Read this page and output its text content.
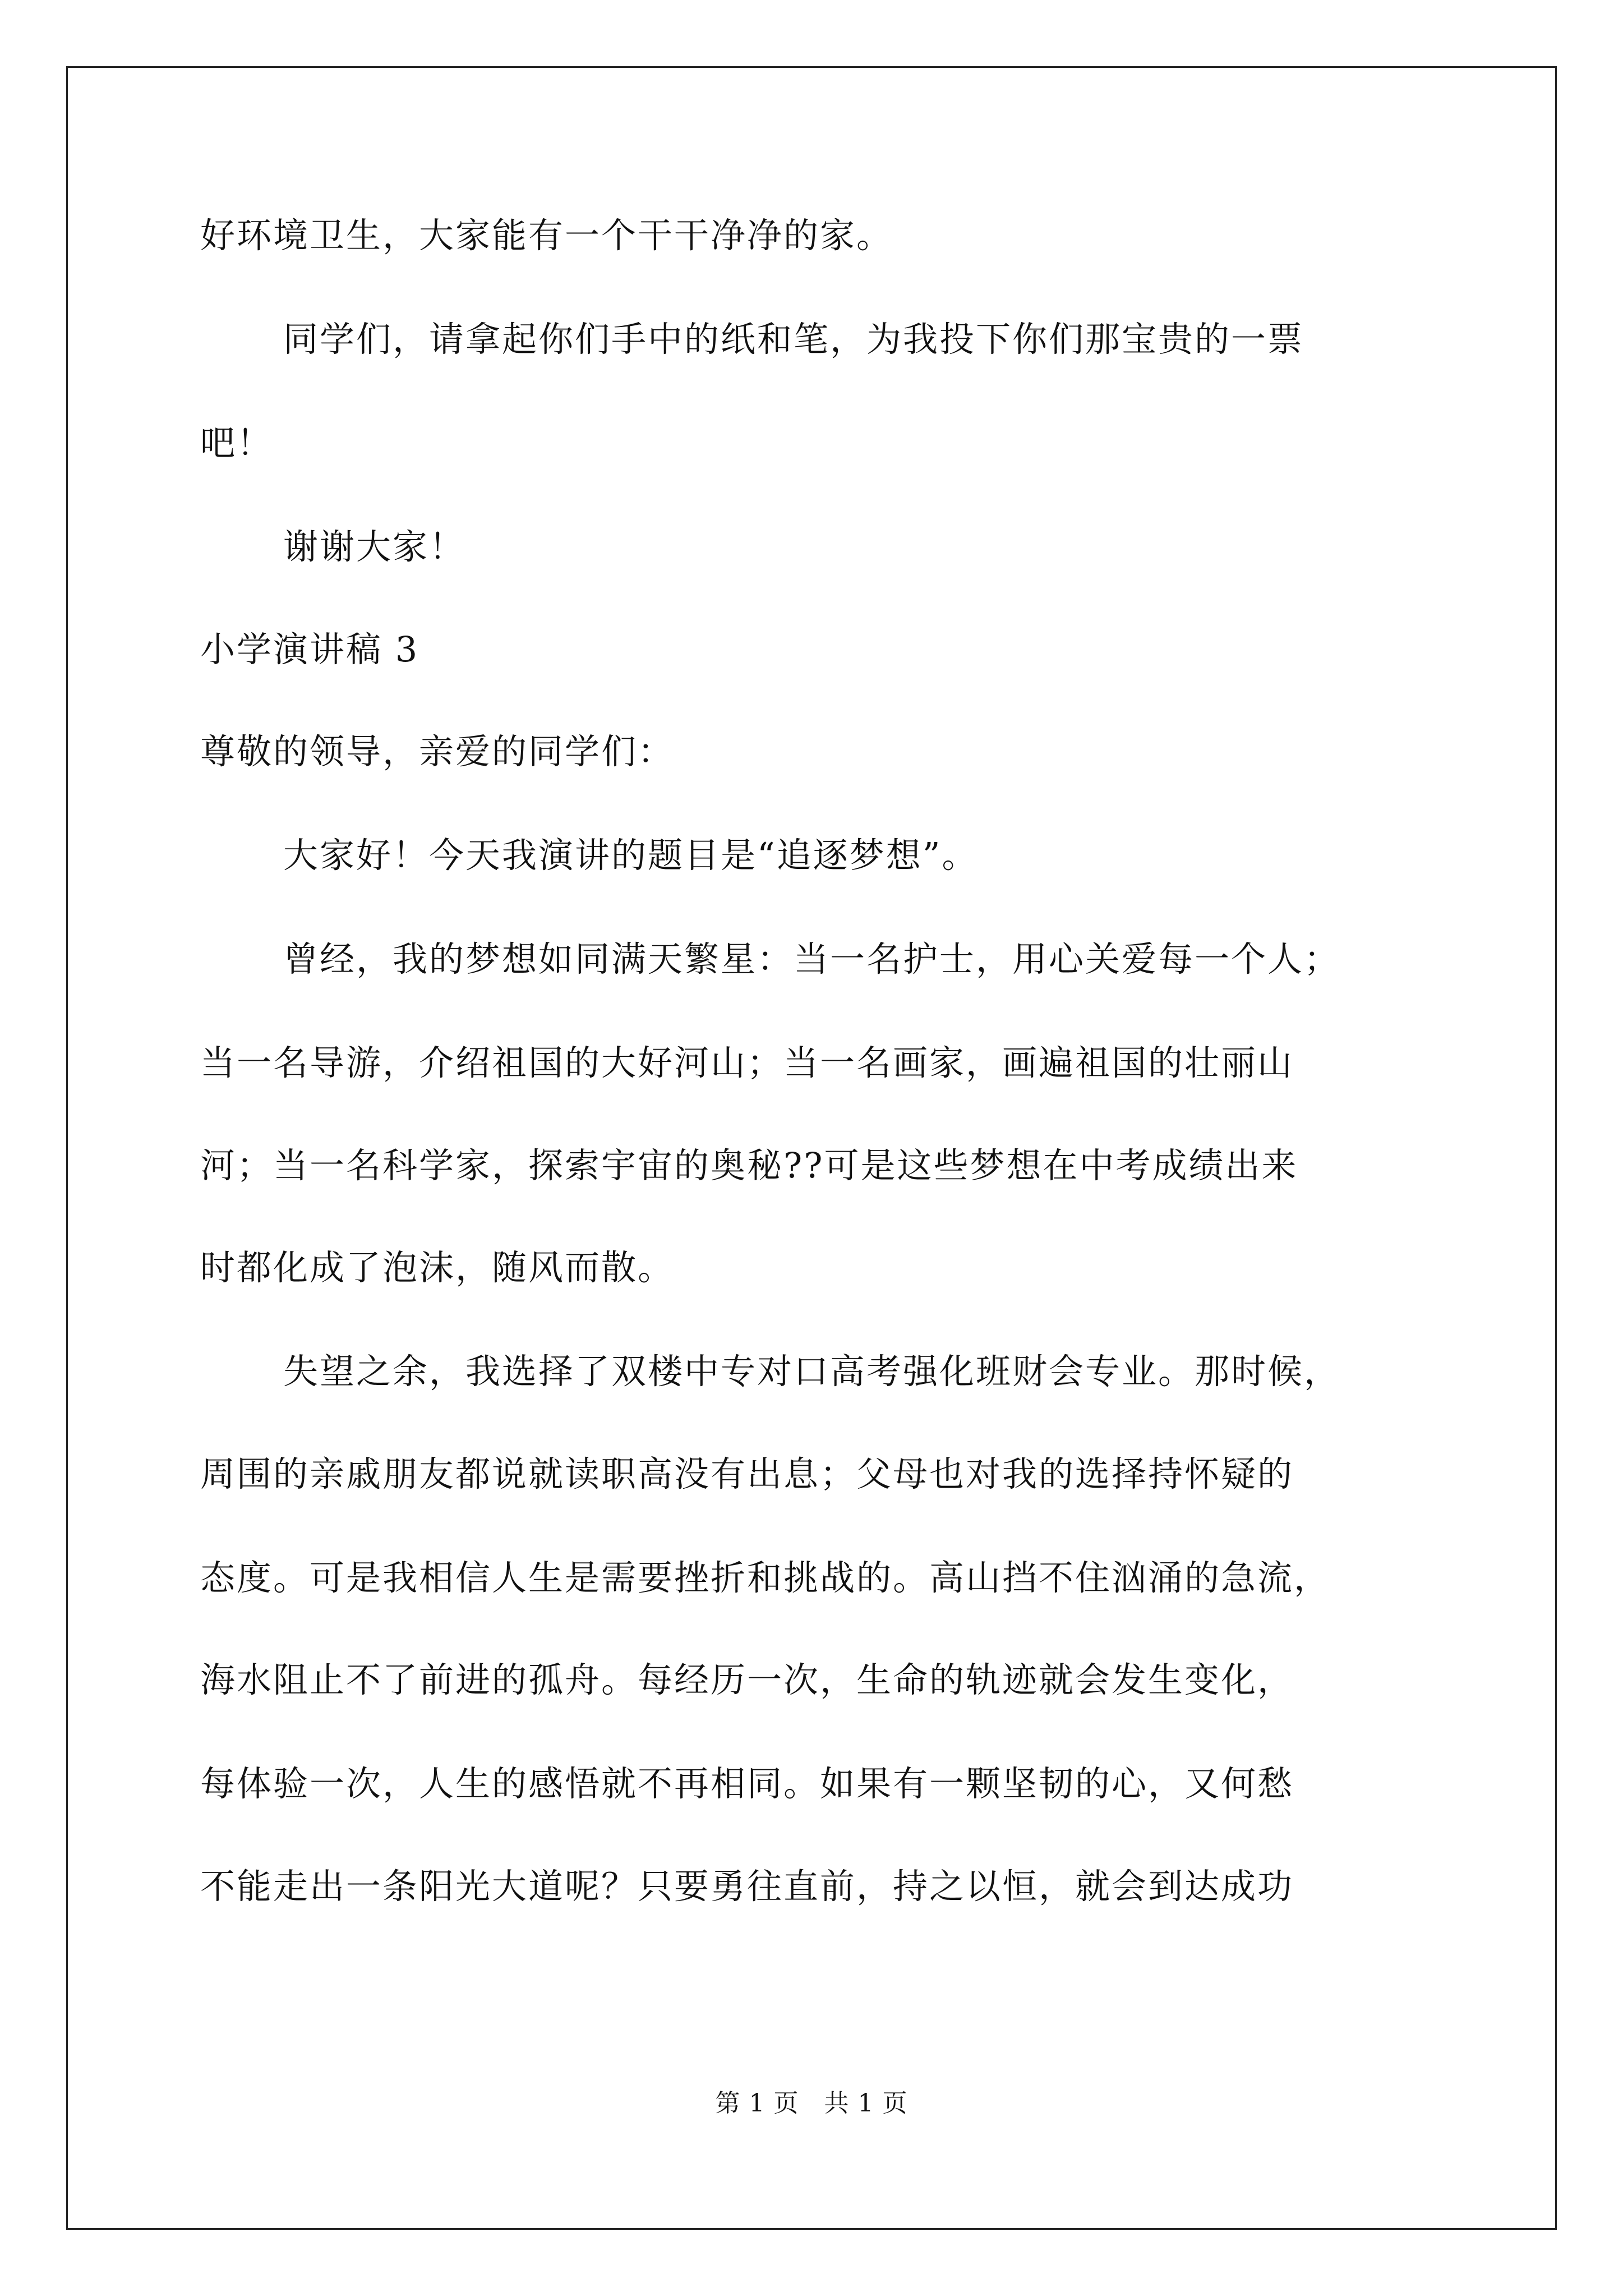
好环境卫生，大家能有一个干干净净的家。
同学们，请拿起你们手中的纸和笔，为我投下你们那宝贵的一票
吧！
谢谢大家！
小学演讲稿 3
尊敬的领导，亲爱的同学们：
大家好！今天我演讲的题目是“追逐梦想”。
曾经，我的梦想如同满天繁星：当一名护士，用心关爱每一个人；
当一名导游，介绍祖国的大好河山；当一名画家，画遍祖国的壮丽山
河；当一名科学家，探索宇宙的奥秘??可是这些梦想在中考成绩出来
时都化成了泡沫，随风而散。
失望之余，我选择了双楼中专对口高考强化班财会专业。那时候，
周围的亲戚朋友都说就读职高没有出息；父母也对我的选择持怀疑的
态度。可是我相信人生是需要挫折和挑战的。高山挡不住汹涌的急流，
海水阻止不了前进的孤舟。每经历一次，生命的轨迹就会发生变化，
每体验一次，人生的感悟就不再相同。如果有一颗坚韧的心，又何愁
不能走出一条阳光大道呢？只要勇往直前，持之以恒，就会到达成功
第 1 页　共 1 页
